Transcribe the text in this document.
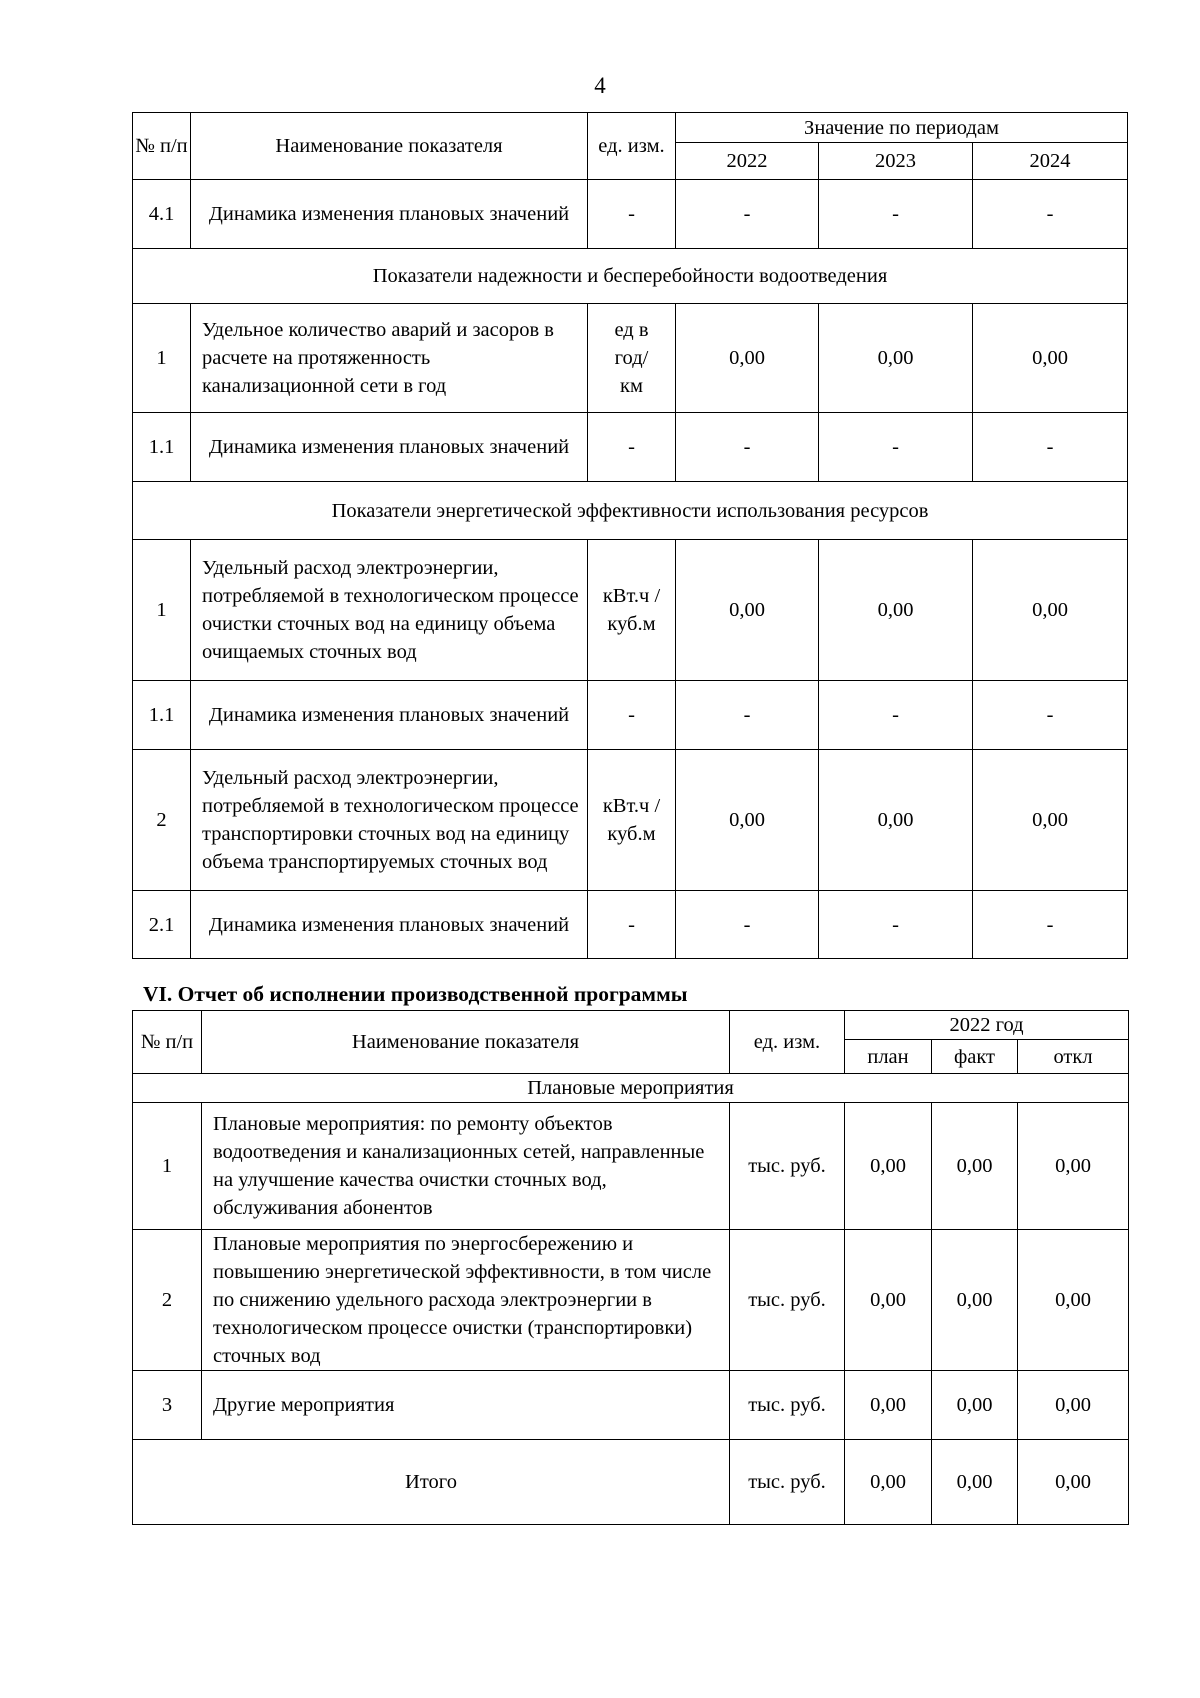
4
№ п/п	Наименование показателя	ед. изм.	Значение по периодам		
			2022	2023	2024
4.1	Динамика изменения плановых значений	-	-	-	-
Показатели надежности и бесперебойности водоотведения					
1	Удельное количество аварий и засоров в расчете на протяженность канализационной сети в год	ед в год/ км	0,00	0,00	0,00
1.1	Динамика изменения плановых значений	-	-	-	-
Показатели энергетической эффективности использования ресурсов					
1	Удельный расход электроэнергии, потребляемой в технологическом процессе очистки сточных вод на единицу объема очищаемых сточных вод	кВт.ч / куб.м	0,00	0,00	0,00
1.1	Динамика изменения плановых значений	-	-	-	-
2	Удельный расход электроэнергии, потребляемой в технологическом процессе транспортировки сточных вод на единицу объема транспортируемых сточных вод	кВт.ч / куб.м	0,00	0,00	0,00
2.1	Динамика изменения плановых значений	-	-	-	-
VI. Отчет об исполнении производственной программы
№ п/п	Наименование показателя	ед. изм.	2022 год		
			план	факт	откл
Плановые мероприятия					
1	Плановые мероприятия: по ремонту объектов водоотведения и канализационных сетей, направленные на улучшение качества очистки сточных вод, обслуживания абонентов	тыс. руб.	0,00	0,00	0,00
2	Плановые мероприятия по энергосбережению и повышению энергетической эффективности, в том числе по снижению удельного расхода электроэнергии в технологическом процессе очистки (транспортировки) сточных вод	тыс. руб.	0,00	0,00	0,00
3	Другие мероприятия	тыс. руб.	0,00	0,00	0,00
Итого		тыс. руб.	0,00	0,00	0,00
